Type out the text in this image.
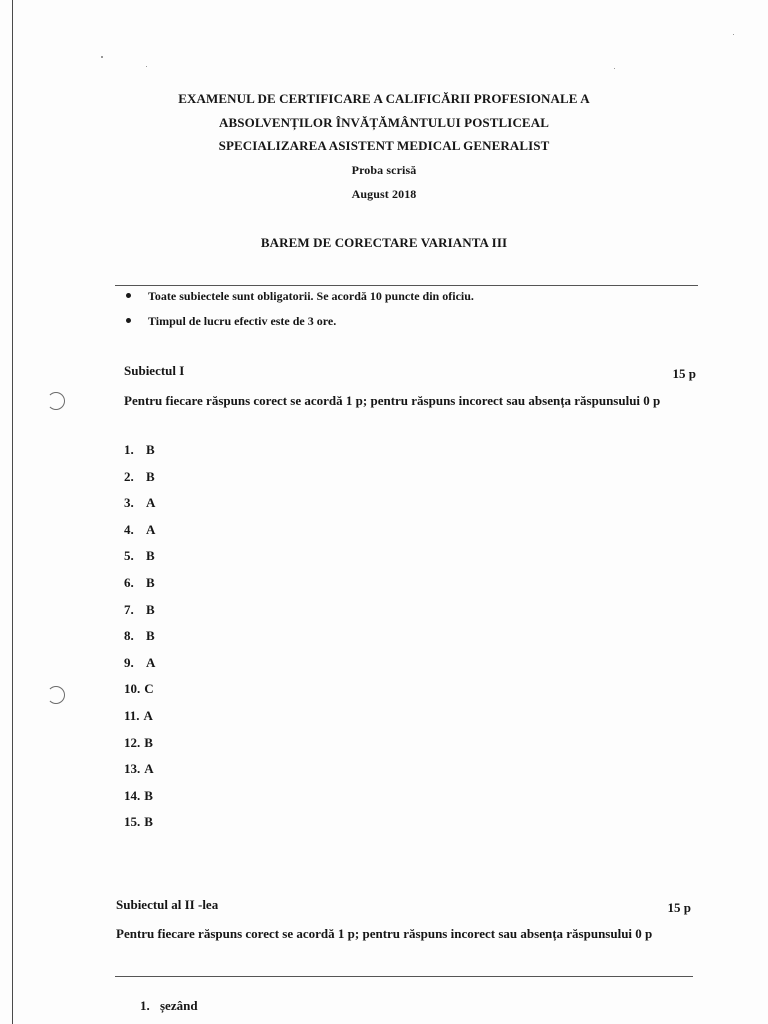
EXAMENUL DE CERTIFICARE A CALIFICĂRII PROFESIONALE A
ABSOLVENȚILOR ÎNVĂȚĂMÂNTULUI POSTLICEAL
SPECIALIZAREA ASISTENT MEDICAL GENERALIST
Proba scrisă
August 2018
BAREM DE CORECTARE VARIANTA III
Toate subiectele sunt obligatorii. Se acordă 10 puncte din oficiu.
Timpul de lucru efectiv este de 3 ore.
Subiectul I	15 p
Pentru fiecare răspuns corect se acordă 1 p; pentru răspuns incorect sau absența răspunsului 0 p
1. B
2. B
3. A
4. A
5. B
6. B
7. B
8. B
9. A
10. C
11. A
12. B
13. A
14. B
15. B
Subiectul al II -lea	15 p
Pentru fiecare răspuns corect se acordă 1 p; pentru răspuns incorect sau absența răspunsului 0 p
1. șezând
